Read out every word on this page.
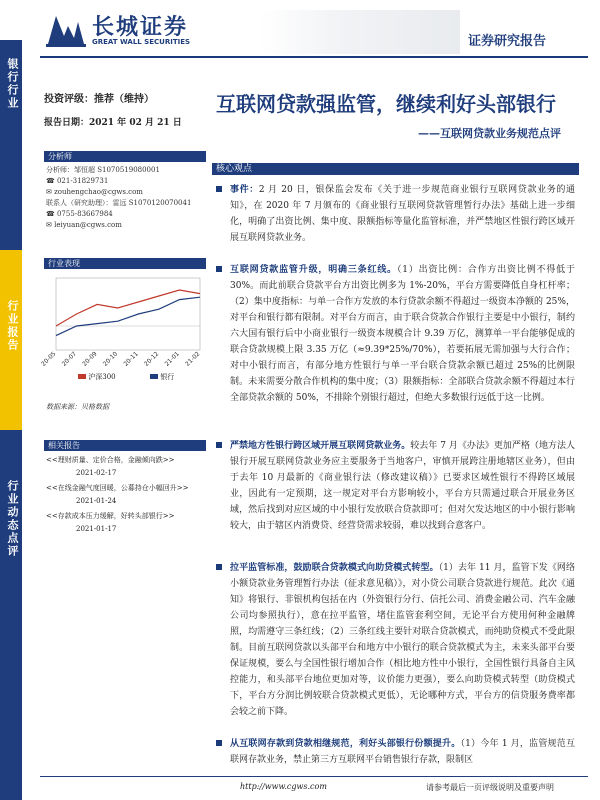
长城证券
GREAT WALL SECURITIES	证券研究报告
银行行业
行业报告
行业动态点评
投资评级：推荐（维持）
报告日期：2021 年 02 月 21 日
互联网贷款强监管，继续利好头部银行
——互联网贷款业务规范点评
分析师
分析师：邹恒超 S1070519080001
☎ 021-31829731
✉ zouhengchao@cgws.com
联系人（研究助理）：雷远 S1070120070041
☎ 0755-83667984
✉ leiyuan@cgws.com
行业表现
20-05 20-07 20-09 20-10 20-11 20-12 21-01 21-02
沪深300	银行
数据来源：贝格数据
相关报告
<<理财质量、定价合格，金融倾向跌>>
2021-02-17
<<在线金融气度回暖，公募持仓小幅回升>>
2021-01-24
<<存款成本压力缓解，好转头部银行>>
2021-01-17
核心观点
事件：2 月 20 日，银保监会发布《关于进一步规范商业银行互联网贷款业务的通知》，在 2020 年 7 月颁布的《商业银行互联网贷款管理暂行办法》基础上进一步细化，明确了出资比例、集中度、限额指标等量化监管标准，并严禁地区性银行跨区域开展互联网贷款业务。
互联网贷款监管升级，明确三条红线。（1）出资比例：合作方出资比例不得低于 30%。而此前联合贷款平台方出资比例多为 1%-20%，平台方需要降低自身杠杆率；（2）集中度指标：与单一合作方发放的本行贷款余额不得超过一级资本净额的 25%，对平台和银行都有限制。对平台方而言，由于联合贷款合作银行主要是中小银行，制约六大国有银行后中小商业银行一级资本规模合计 9.39 万亿，测算单一平台能够促成的联合贷款规模上限 3.35 万亿（≈9.39*25%/70%），若要拓展无需加强与大行合作；对中小银行而言，有部分地方性银行与单一平台联合贷款余额已超过 25%的比例限制。未来需要分散合作机构的集中度；（3）限额指标：全部联合贷款余额不得超过本行全部贷款余额的 50%，不排除个别银行超过，但绝大多数银行远低于这一比例。
严禁地方性银行跨区域开展互联网贷款业务。较去年 7 月《办法》更加严格（地方法人银行开展互联网贷款业务应主要服务于当地客户，审慎开展跨注册地辖区业务），但由于去年 10 月最新的《商业银行法（修改建议稿）》已要求区域性银行不得跨区域展业，因此有一定预期，这一规定对平台方影响较小，平台方只需通过联合开展业务区域，然后找到对应区域的中小银行发放联合贷款即可；但对欠发达地区的中小银行影响较大，由于辖区内消费贷、经营贷需求较弱，难以找到合意客户。
拉平监管标准，鼓励联合贷款模式向助贷模式转型。（1）去年 11 月，监管下发《网络小额贷款业务管理暂行办法（征求意见稿）》，对小贷公司联合贷款进行规范。此次《通知》将银行、非银机构包括在内（外资银行分行、信托公司、消费金融公司、汽车金融公司均参照执行），意在拉平监管，堵住监管套利空间，无论平台方使用何种金融牌照，均需遵守三条红线；（2）三条红线主要针对联合贷款模式，而纯助贷模式不受此限制。目前互联网贷款以头部平台和地方中小银行的联合贷款模式为主，未来头部平台要保证规模，要么与全国性银行增加合作（相比地方性中小银行，全国性银行具备自主风控能力，和头部平台地位更加对等，议价能力更强），要么向助贷模式转型（助贷模式下，平台方分润比例较联合贷款模式更低），无论哪种方式，平台方的信贷服务费率都会较之前下降。
从互联网存款到贷款相继规范，利好头部银行份额提升。（1）今年 1 月，监管规范互联网存款业务，禁止第三方互联网平台销售银行存款，限制区
http://www.cgws.com	请参考最后一页评级说明及重要声明
